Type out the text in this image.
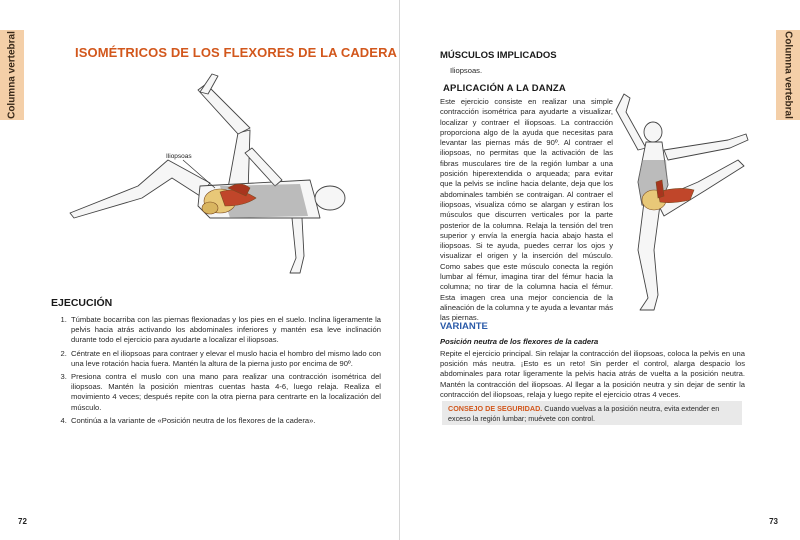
Columna vertebral	ISOMÉTRICOS DE LOS FLEXORES DE LA CADERA
Iliopsoas
EJECUCIÓN
1. Túmbate bocarriba con las piernas flexionadas y los pies en el suelo. Inclina ligeramente la pelvis hacia atrás activando los abdominales inferiores y mantén esa leve inclinación durante todo el ejercicio para ayudarte a localizar el iliopsoas.
2. Céntrate en el iliopsoas para contraer y elevar el muslo hacia el hombro del mismo lado con una leve rotación hacia fuera. Mantén la altura de la pierna justo por encima de 90º.
3. Presiona contra el muslo con una mano para realizar una contracción isométrica del iliopsoas. Mantén la posición mientras cuentas hasta 4-6, luego relaja. Realiza el movimiento 4 veces; después repite con la otra pierna para centrarte en la localización del músculo.
4. Continúa a la variante de «Posición neutra de los flexores de la cadera».
72
Columna vertebral
MÚSCULOS IMPLICADOS
Iliopsoas.
APLICACIÓN A LA DANZA

Este ejercicio consiste en realizar una simple contracción isométrica para ayudarte a visualizar, localizar y contraer el iliopsoas. La contracción proporciona algo de la ayuda que necesitas para levantar las piernas más de 90º. Al contraer el iliopsoas, no permitas que la activación de las fibras musculares tire de la región lumbar a una posición hiperextendida o arqueada; para evitar que la pelvis se incline hacia delante, deja que los abdominales también se contraigan. Al contraer el iliopsoas, visualiza cómo se alargan y estiran los músculos que discurren verticales por la parte posterior de la columna. Relaja la tensión del tren superior y envía la energía hacia abajo hasta el iliopsoas. Si te ayuda, puedes cerrar los ojos y visualizar el origen y la inserción del músculo. Como sabes que este músculo conecta la región lumbar al fémur, imagina tirar del fémur hacia la columna; no tirar de la columna hacia el fémur. Esta imagen crea una mejor conciencia de la alineación de la columna y te ayuda a levantar más las piernas.

VARIANTE
Posición neutra de los flexores de la cadera

Repite el ejercicio principal. Sin relajar la contracción del iliopsoas, coloca la pelvis en una posición más neutra. ¡Esto es un reto! Sin perder el control, alarga despacio los abdominales para rotar ligeramente la pelvis hacia atrás de vuelta a la posición neutra. Mantén la contracción del iliopsoas. Al llegar a la posición neutra y sin dejar de sentir la contracción del iliopsoas, relaja y luego repite el ejercicio otras 4 veces.

CONSEJO DE SEGURIDAD. Cuando vuelvas a la posición neutra, evita extender en exceso la región lumbar; muévete con control.
73
